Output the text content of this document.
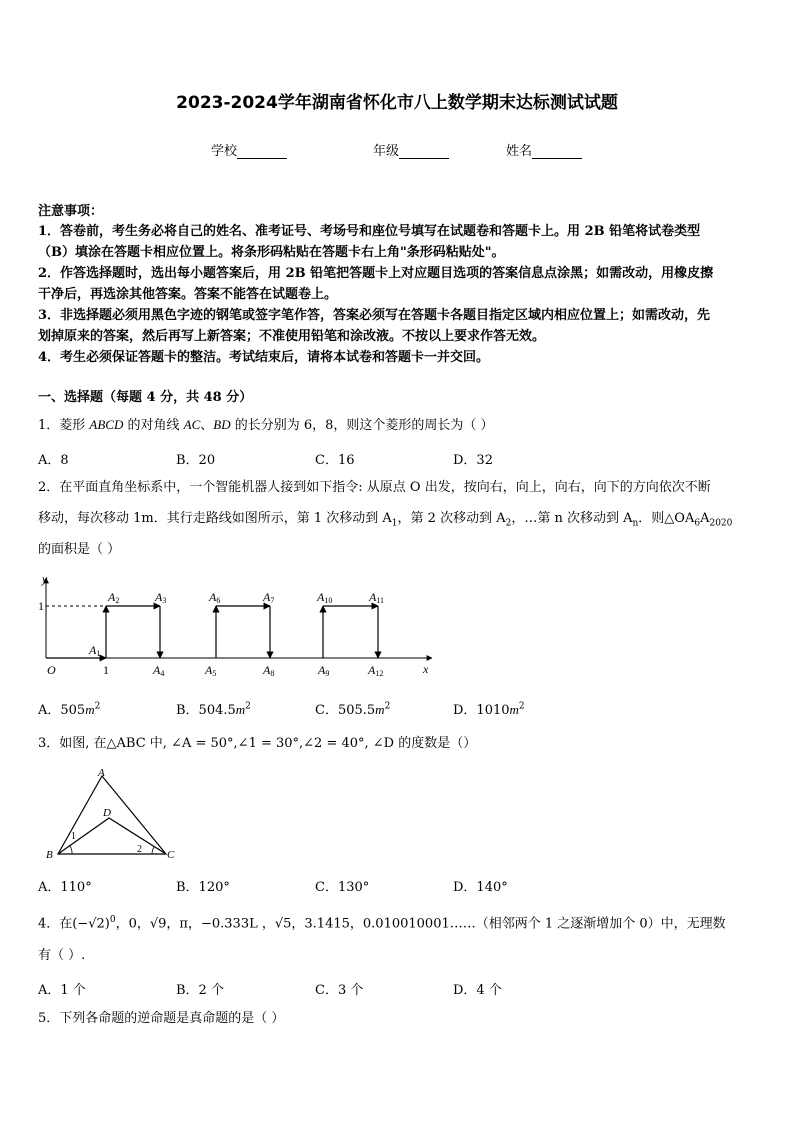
2023-2024学年湖南省怀化市八上数学期末达标测试试题
学校	年级	姓名
注意事项：
1．答卷前，考生务必将自己的姓名、准考证号、考场号和座位号填写在试题卷和答题卡上。用 2B 铅笔将试卷类型
（B）填涂在答题卡相应位置上。将条形码粘贴在答题卡右上角"条形码粘贴处"。
2．作答选择题时，选出每小题答案后，用 2B 铅笔把答题卡上对应题目选项的答案信息点涂黑；如需改动，用橡皮擦
干净后，再选涂其他答案。答案不能答在试题卷上。
3．非选择题必须用黑色字迹的钢笔或签字笔作答，答案必须写在答题卡各题目指定区域内相应位置上；如需改动，先
划掉原来的答案，然后再写上新答案；不准使用铅笔和涂改液。不按以上要求作答无效。
4．考生必须保证答题卡的整洁。考试结束后，请将本试卷和答题卡一并交回。
一、选择题（每题 4 分，共 48 分）
1．菱形 ABCD 的对角线 AC、BD 的长分别为 6，8，则这个菱形的周长为（ ）
A．8	B．20	C．16	D．32
2．在平面直角坐标系中，一个智能机器人接到如下指令: 从原点 O 出发，按向右，向上，向右，向下的方向依次不断
移动，每次移动 1m．其行走路线如图所示，第 1 次移动到 $A_1$，第 2 次移动到 $A_2$，…第 n 次移动到 $A_n$．则$\triangle OA_6A_{2020}$
的面积是（ ）
y
x
O
1
1
A1
A2	A3
A4	A5
A6	A7
A8	A9
A10	A11
A12
A．$505m^2$	B．$504.5m^2$	C．$505.5m^2$	D．$1010m^2$
3．如图, 在△ABC 中, ∠A = 50°,∠1 = 30°,∠2 = 40°, ∠D 的度数是（）
A
B	C
D
1
2
A．110°	B．120°	C．130°	D．140°
4．在$(-√2)^0$，0，√9，π，−0.333L ，√5，3.1415，0.010010001……（相邻两个 1 之逐渐增加个 0）中，无理数
有（ ）.
A．1 个	B．2 个	C．3 个	D．4 个
5．下列各命题的逆命题是真命题的是（ ）
